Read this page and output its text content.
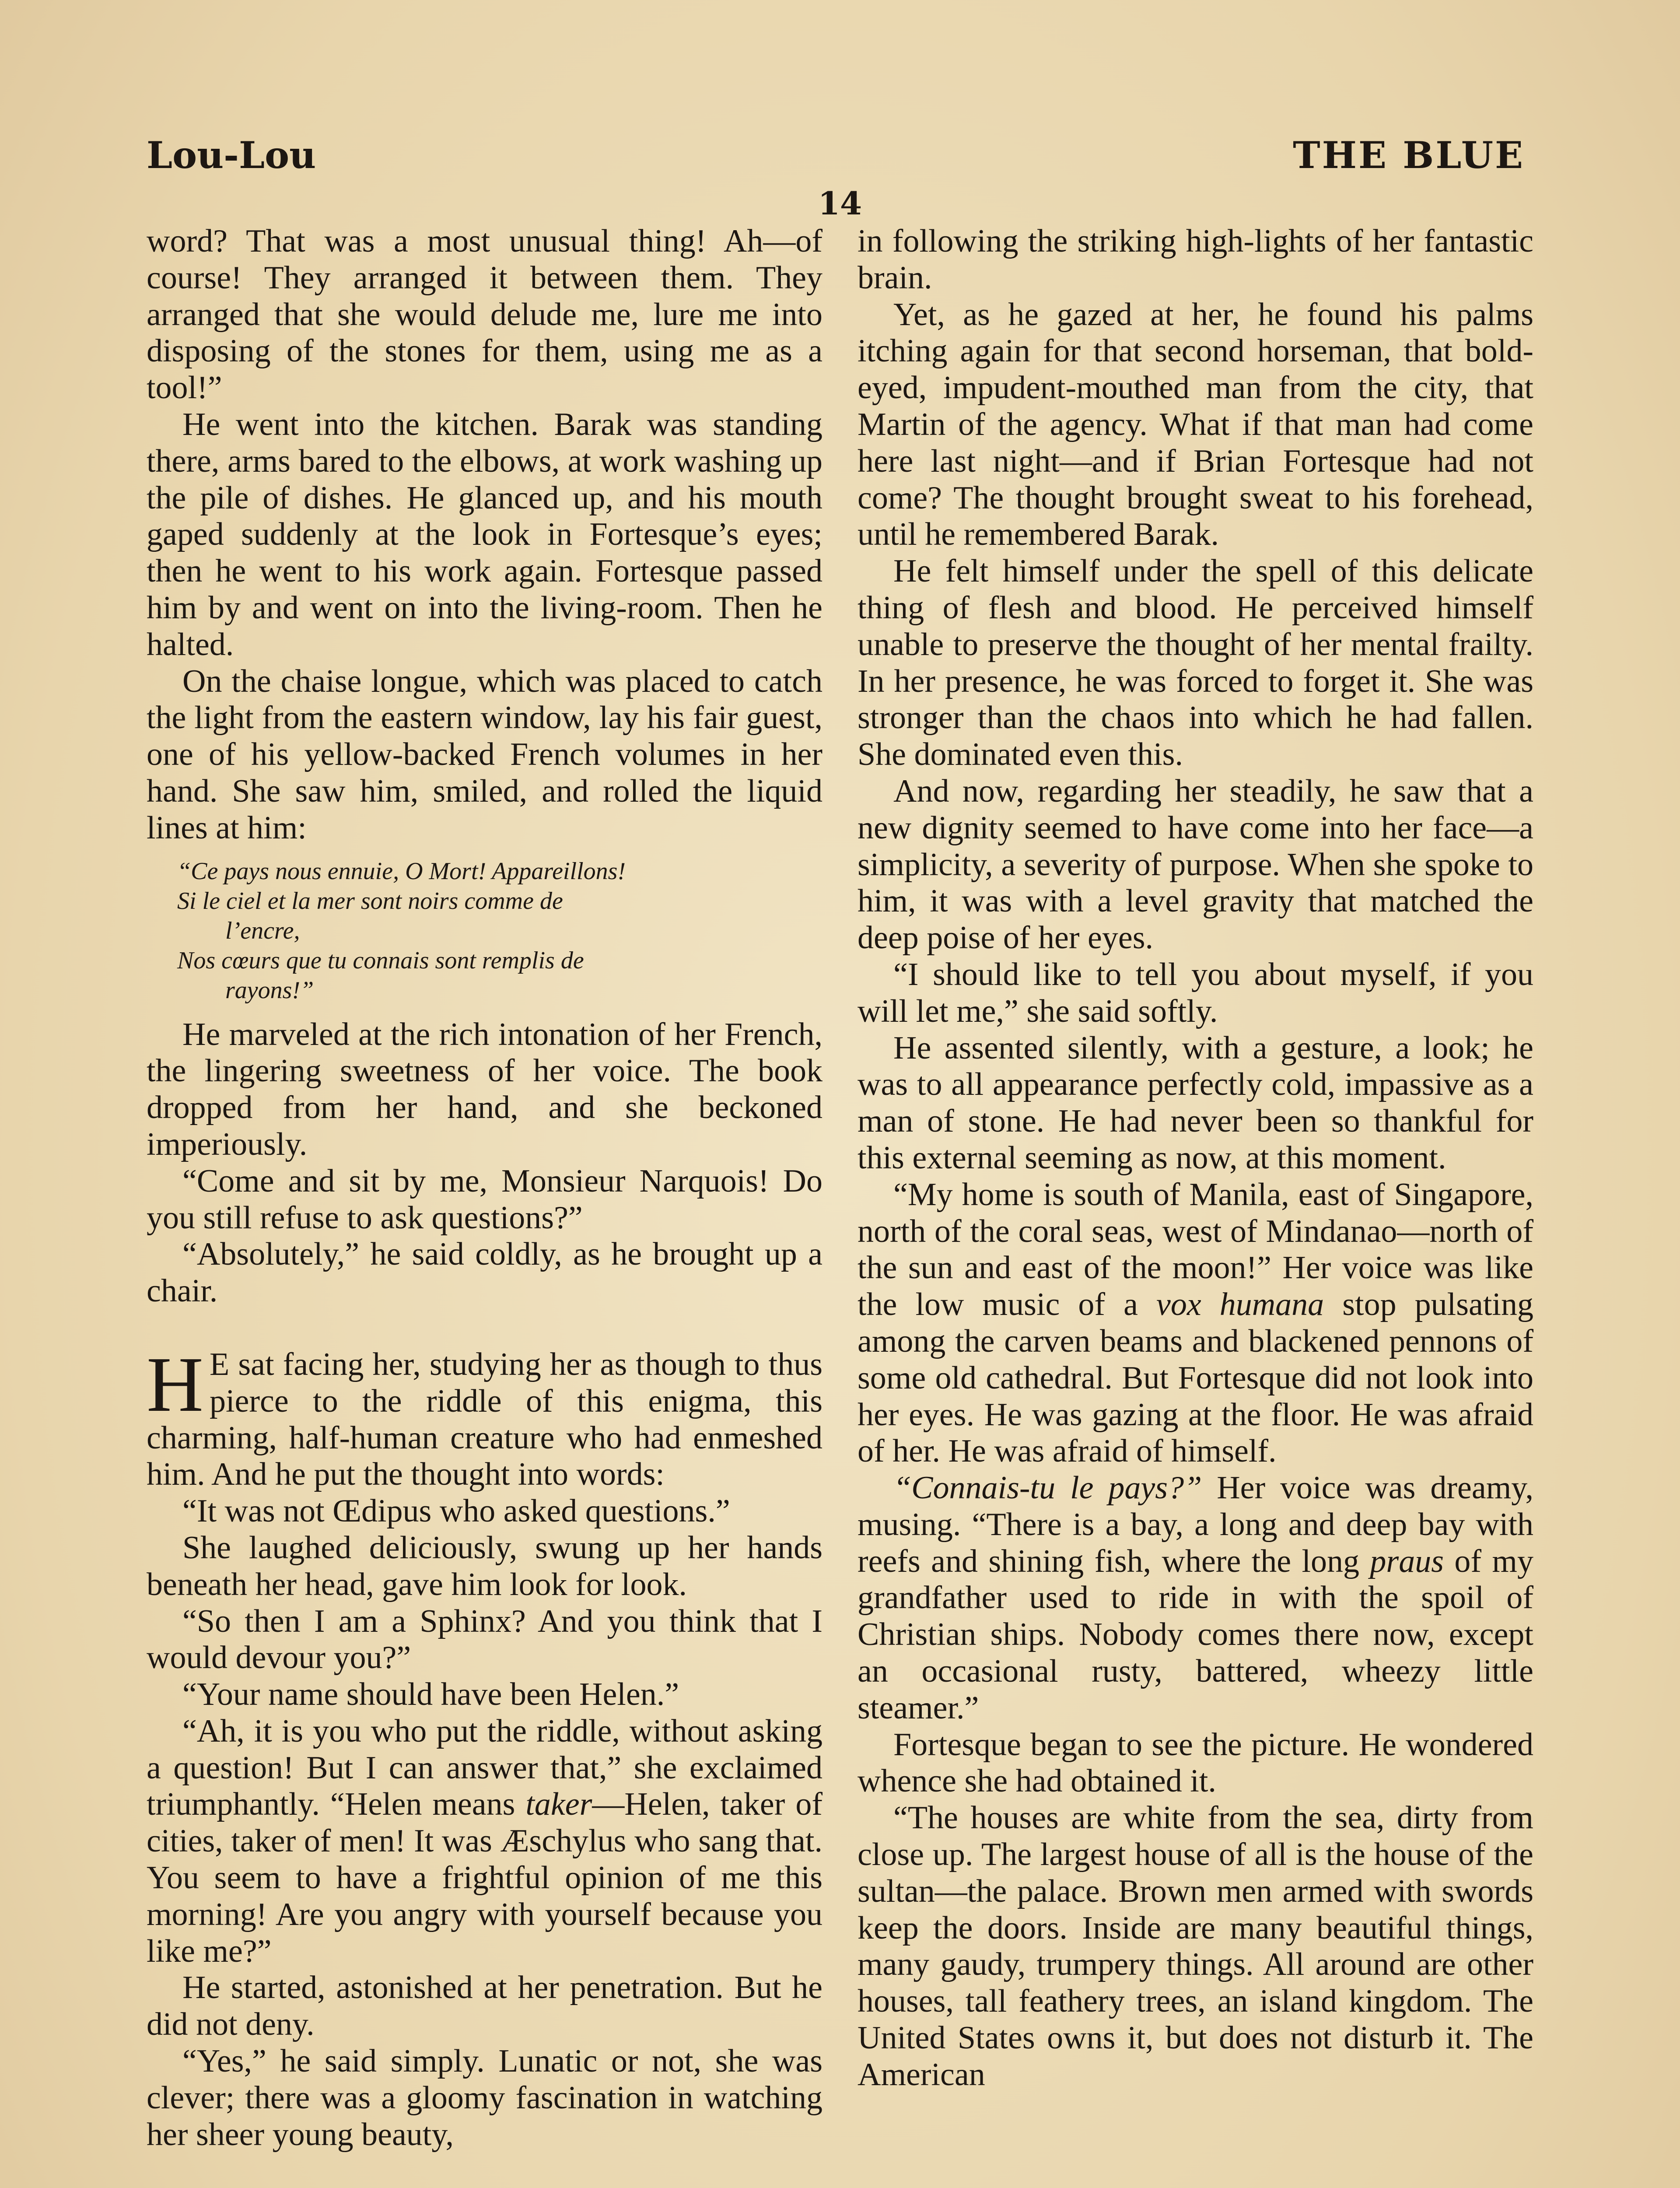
Lou-Lou	THE BLUE
14

word? That was a most unusual thing! Ah—of course! They arranged it between them. They arranged that she would delude me, lure me into disposing of the stones for them, using me as a tool!”

He went into the kitchen. Barak was standing there, arms bared to the elbows, at work washing up the pile of dishes. He glanced up, and his mouth gaped suddenly at the look in Fortesque’s eyes; then he went to his work again. Fortesque passed him by and went on into the living-room. Then he halted.

On the chaise longue, which was placed to catch the light from the eastern window, lay his fair guest, one of his yellow-backed French volumes in her hand. She saw him, smiled, and rolled the liquid lines at him:

“Ce pays nous ennuie, O Mort! Appareillons!
Si le ciel et la mer sont noirs comme de
l’encre,
Nos cœurs que tu connais sont remplis de
rayons!”

He marveled at the rich intonation of her French, the lingering sweetness of her voice. The book dropped from her hand, and she beckoned imperiously.

“Come and sit by me, Monsieur Narquois! Do you still refuse to ask questions?”

“Absolutely,” he said coldly, as he brought up a chair.

H E sat facing her, studying her as though to thus pierce to the riddle of this enigma, this charming, half-human creature who had enmeshed him. And he put the thought into words:

“It was not Œdipus who asked questions.”

She laughed deliciously, swung up her hands beneath her head, gave him look for look.

“So then I am a Sphinx? And you think that I would devour you?”

“Your name should have been Helen.”

“Ah, it is you who put the riddle, without asking a question! But I can answer that,” she exclaimed triumphantly. “Helen means taker—Helen, taker of cities, taker of men! It was Æschylus who sang that. You seem to have a frightful opinion of me this morning! Are you angry with yourself because you like me?”

He started, astonished at her penetration. But he did not deny.

“Yes,” he said simply. Lunatic or not, she was clever; there was a gloomy fascination in watching her sheer young beauty,

in following the striking high-lights of her fantastic brain.

Yet, as he gazed at her, he found his palms itching again for that second horseman, that bold-eyed, impudent-mouthed man from the city, that Martin of the agency. What if that man had come here last night—and if Brian Fortesque had not come? The thought brought sweat to his forehead, until he remembered Barak.

He felt himself under the spell of this delicate thing of flesh and blood. He perceived himself unable to preserve the thought of her mental frailty. In her presence, he was forced to forget it. She was stronger than the chaos into which he had fallen. She dominated even this.

And now, regarding her steadily, he saw that a new dignity seemed to have come into her face—a simplicity, a severity of purpose. When she spoke to him, it was with a level gravity that matched the deep poise of her eyes.

“I should like to tell you about myself, if you will let me,” she said softly.

He assented silently, with a gesture, a look; he was to all appearance perfectly cold, impassive as a man of stone. He had never been so thankful for this external seeming as now, at this moment.

“My home is south of Manila, east of Singapore, north of the coral seas, west of Mindanao—north of the sun and east of the moon!” Her voice was like the low music of a vox humana stop pulsating among the carven beams and blackened pennons of some old cathedral. But Fortesque did not look into her eyes. He was gazing at the floor. He was afraid of her. He was afraid of himself.

“Connais-tu le pays?” Her voice was dreamy, musing. “There is a bay, a long and deep bay with reefs and shining fish, where the long praus of my grandfather used to ride in with the spoil of Christian ships. Nobody comes there now, except an occasional rusty, battered, wheezy little steamer.”

Fortesque began to see the picture. He wondered whence she had obtained it.

“The houses are white from the sea, dirty from close up. The largest house of all is the house of the sultan—the palace. Brown men armed with swords keep the doors. Inside are many beautiful things, many gaudy, trumpery things. All around are other houses, tall feathery trees, an island kingdom. The United States owns it, but does not disturb it. The American
